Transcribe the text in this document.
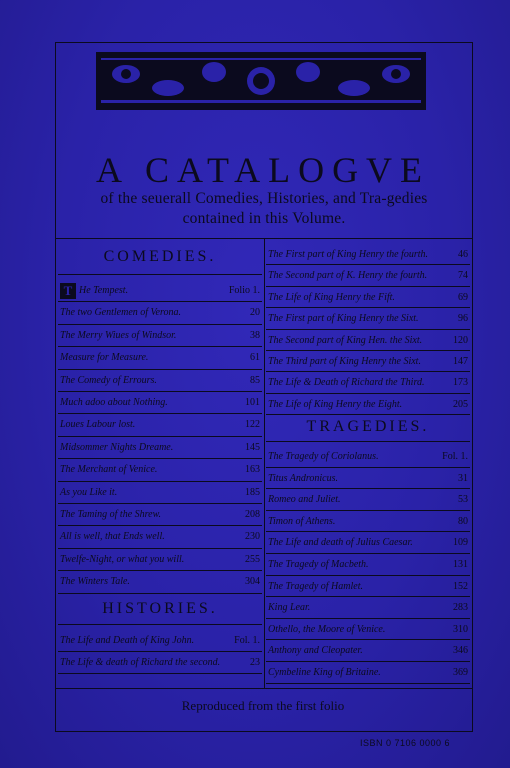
A CATALOGVE
of the seuerall Comedies, Histories, and Tra-gedies contained in this Volume.
COMEDIES.
T He Tempest.	Folio 1.
The two Gentlemen of Verona.	20
The Merry Wiues of Windsor.	38
Measure for Measure.	61
The Comedy of Errours.	85
Much adoo about Nothing.	101
Loues Labour lost.	122
Midsommer Nights Dreame.	145
The Merchant of Venice.	163
As you Like it.	185
The Taming of the Shrew.	208
All is well, that Ends well.	230
Twelfe-Night, or what you will.	255
The Winters Tale.	304
HISTORIES.
The Life and Death of King John.	Fol. 1.
The Life & death of Richard the second.	23
The First part of King Henry the fourth.	46
The Second part of K. Henry the fourth.	74
The Life of King Henry the Fift.	69
The First part of King Henry the Sixt.	96
The Second part of King Hen. the Sixt.	120
The Third part of King Henry the Sixt.	147
The Life & Death of Richard the Third.	173
The Life of King Henry the Eight.	205
TRAGEDIES.
The Tragedy of Coriolanus.	Fol. 1.
Titus Andronicus.	31
Romeo and Juliet.	53
Timon of Athens.	80
The Life and death of Julius Caesar.	109
The Tragedy of Macbeth.	131
The Tragedy of Hamlet.	152
King Lear.	283
Othello, the Moore of Venice.	310
Anthony and Cleopater.	346
Cymbeline King of Britaine.	369
Reproduced from the first folio
ISBN 0 7106 0000 6
